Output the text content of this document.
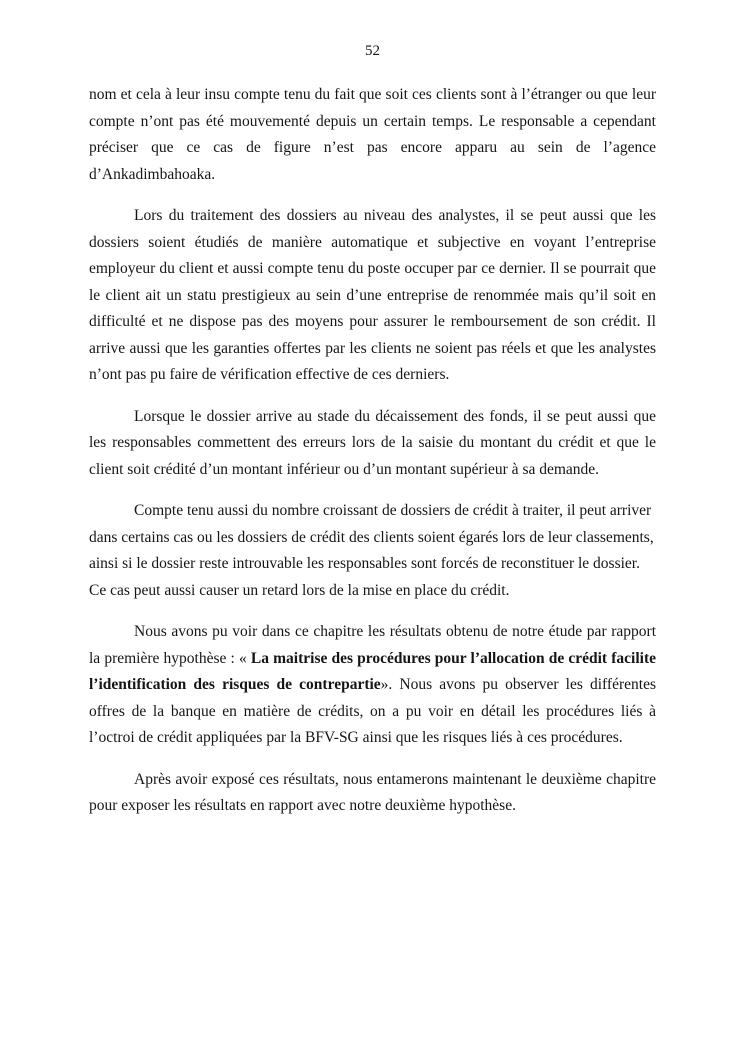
52

nom et cela à leur insu compte tenu du fait que soit ces clients sont à l’étranger ou que leur compte n’ont pas été mouvementé depuis un certain temps. Le responsable a cependant préciser que ce cas de figure n’est pas encore apparu au sein de l’agence d’Ankadimbahoaka.

Lors du traitement des dossiers au niveau des analystes, il se peut aussi que les dossiers soient étudiés de manière automatique et subjective en voyant l’entreprise employeur du client et aussi compte tenu du poste occuper par ce dernier. Il se pourrait que le client ait un statu prestigieux au sein d’une entreprise de renommée mais qu’il soit en difficulté et ne dispose pas des moyens pour assurer le remboursement de son crédit. Il arrive aussi que les garanties offertes par les clients ne soient pas réels et que les analystes n’ont pas pu faire de vérification effective de ces derniers.

Lorsque le dossier arrive au stade du décaissement des fonds, il se peut aussi que les responsables commettent des erreurs lors de la saisie du montant du crédit et que le client soit crédité d’un montant inférieur ou d’un montant supérieur à sa demande.

Compte tenu aussi du nombre croissant de dossiers de crédit à traiter, il peut arriver dans certains cas ou les dossiers de crédit des clients soient égarés lors de leur classements, ainsi si le dossier reste introuvable les responsables sont forcés de reconstituer le dossier. Ce cas peut aussi causer un retard lors de la mise en place du crédit.

Nous avons pu voir dans ce chapitre les résultats obtenu de notre étude par rapport la première hypothèse : « La maitrise des procédures pour l’allocation de crédit facilite l’identification des risques de contrepartie». Nous avons pu observer les différentes offres de la banque en matière de crédits, on a pu voir en détail les procédures liés à l’octroi de crédit appliquées par la BFV-SG ainsi que les risques liés à ces procédures.

Après avoir exposé ces résultats, nous entamerons maintenant le deuxième chapitre pour exposer les résultats en rapport avec notre deuxième hypothèse.
